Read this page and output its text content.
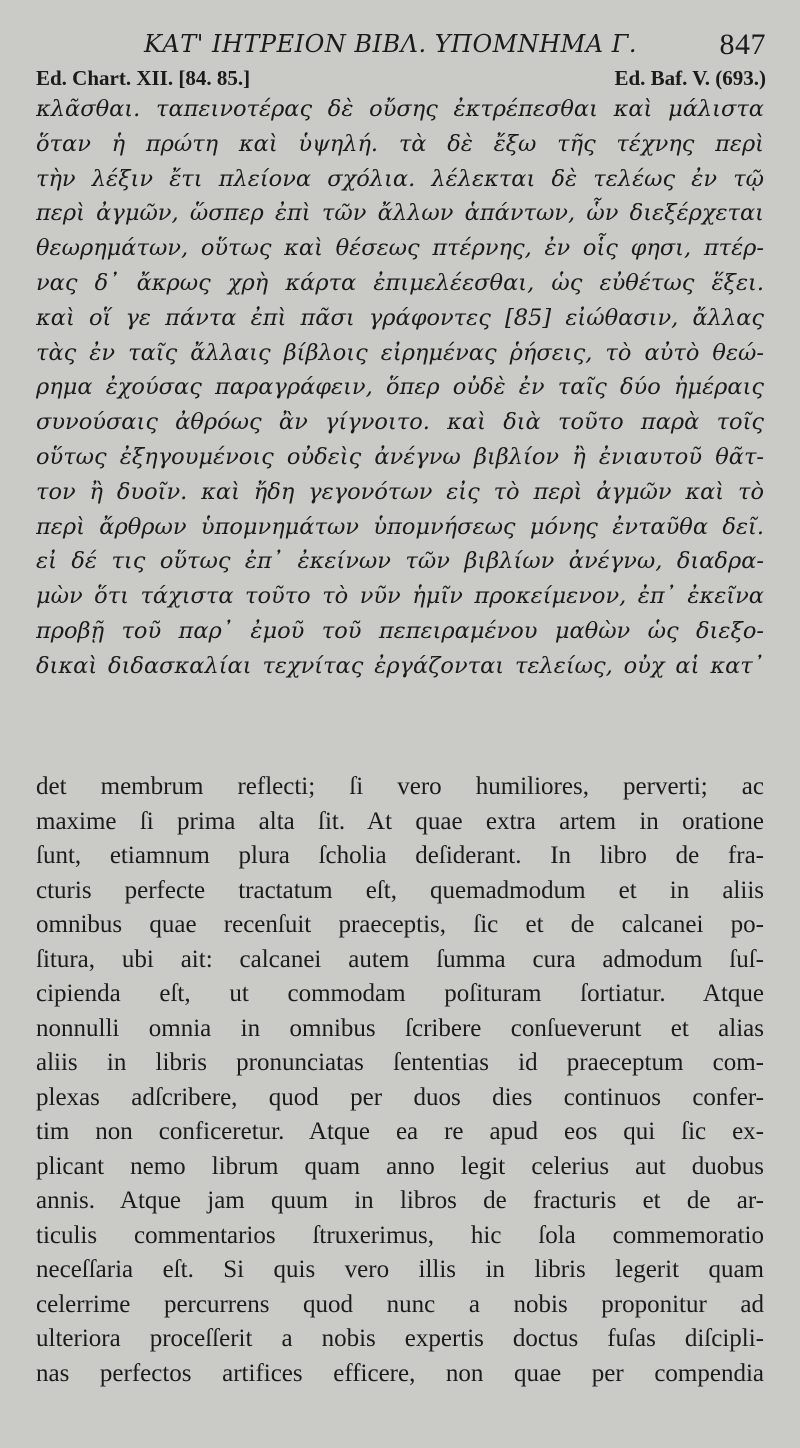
ΚΑΤ' ΙΗΤΡΕΙΟΝ ΒΙΒΛ. ΥΠΟΜΝΗΜΑ Γ.	847
Ed. Chart. XII. [84. 85.]	Ed. Baf. V. (693.)
κλᾶσθαι. ταπεινοτέρας δὲ οὔσης ἐκτρέπεσθαι καὶ μάλιστα
ὅταν ἡ πρώτη καὶ ὑψηλή. τὰ δὲ ἔξω τῆς τέχνης περὶ
τὴν λέξιν ἔτι πλείονα σχόλια. λέλεκται δὲ τελέως ἐν τῷ
περὶ ἀγμῶν, ὥσπερ ἐπὶ τῶν ἄλλων ἁπάντων, ὧν διεξέρχεται
θεωρημάτων, οὕτως καὶ θέσεως πτέρνης, ἐν οἷς φησι, πτέρ-
νας δ᾽ ἄκρως χρὴ κάρτα ἐπιμελέεσθαι, ὡς εὐθέτως ἕξει.
καὶ οἵ γε πάντα ἐπὶ πᾶσι γράφοντες [85] εἰώθασιν, ἄλλας
τὰς ἐν ταῖς ἄλλαις βίβλοις εἰρημένας ῥήσεις, τὸ αὐτὸ θεώ-
ρημα ἐχούσας παραγράφειν, ὅπερ οὐδὲ ἐν ταῖς δύο ἡμέραις
συνούσαις ἀθρόως ἂν γίγνοιτο. καὶ διὰ τοῦτο παρὰ τοῖς
οὕτως ἐξηγουμένοις οὐδεὶς ἀνέγνω βιβλίον ἢ ἐνιαυτοῦ θᾶτ-
τον ἢ δυοῖν. καὶ ἤδη γεγονότων εἰς τὸ περὶ ἀγμῶν καὶ τὸ
περὶ ἄρθρων ὑπομνημάτων ὑπομνήσεως μόνης ἐνταῦθα δεῖ.
εἰ δέ τις οὕτως ἐπ᾽ ἐκείνων τῶν βιβλίων ἀνέγνω, διαδρα-
μὼν ὅτι τάχιστα τοῦτο τὸ νῦν ἡμῖν προκείμενον, ἐπ᾽ ἐκεῖνα
προβῇ τοῦ παρ᾽ ἐμοῦ τοῦ πεπειραμένου μαθὼν ὡς διεξο-
δικαὶ διδασκαλίαι τεχνίτας ἐργάζονται τελείως, οὐχ αἱ κατ᾽
det membrum reflecti; ſi vero humiliores, perverti; ac
maxime ſi prima alta ſit. At quae extra artem in oratione
ſunt, etiamnum plura ſcholia deſiderant. In libro de fra-
cturis perfecte tractatum eſt, quemadmodum et in aliis
omnibus quae recenſuit praeceptis, ſic et de calcanei po-
ſitura, ubi ait: calcanei autem ſumma cura admodum ſuſ-
cipienda eſt, ut commodam poſituram ſortiatur. Atque
nonnulli omnia in omnibus ſcribere conſueverunt et alias
aliis in libris pronunciatas ſententias id praeceptum com-
plexas adſcribere, quod per duos dies continuos confer-
tim non conficeretur. Atque ea re apud eos qui ſic ex-
plicant nemo librum quam anno legit celerius aut duobus
annis. Atque jam quum in libros de fracturis et de ar-
ticulis commentarios ſtruxerimus, hic ſola commemoratio
neceſſaria eſt. Si quis vero illis in libris legerit quam
celerrime percurrens quod nunc a nobis proponitur ad
ulteriora proceſſerit a nobis expertis doctus fuſas diſcipli-
nas perfectos artifices efficere, non quae per compendia
